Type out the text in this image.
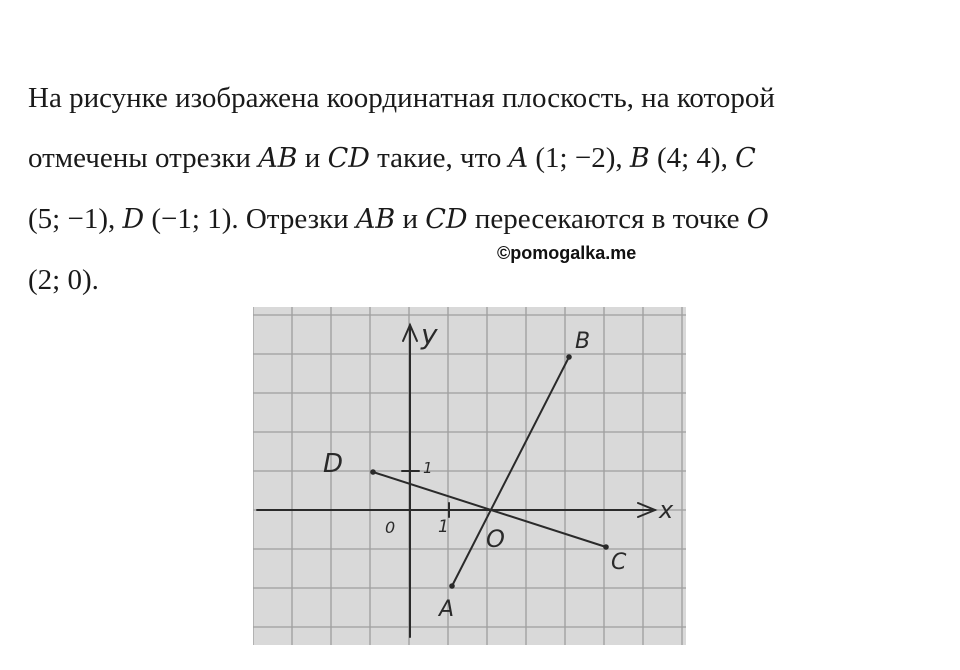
На рисунке изображена координатная плоскость, на которой
отмечены отрезки AB и CD такие, что A (1; −2), B (4; 4), C
(5; −1), D (−1; 1). Отрезки AB и CD пересекаются в точке O
(2; 0).
©pomogalka.me
x
y
0	1
1
A
B
C
D
O
